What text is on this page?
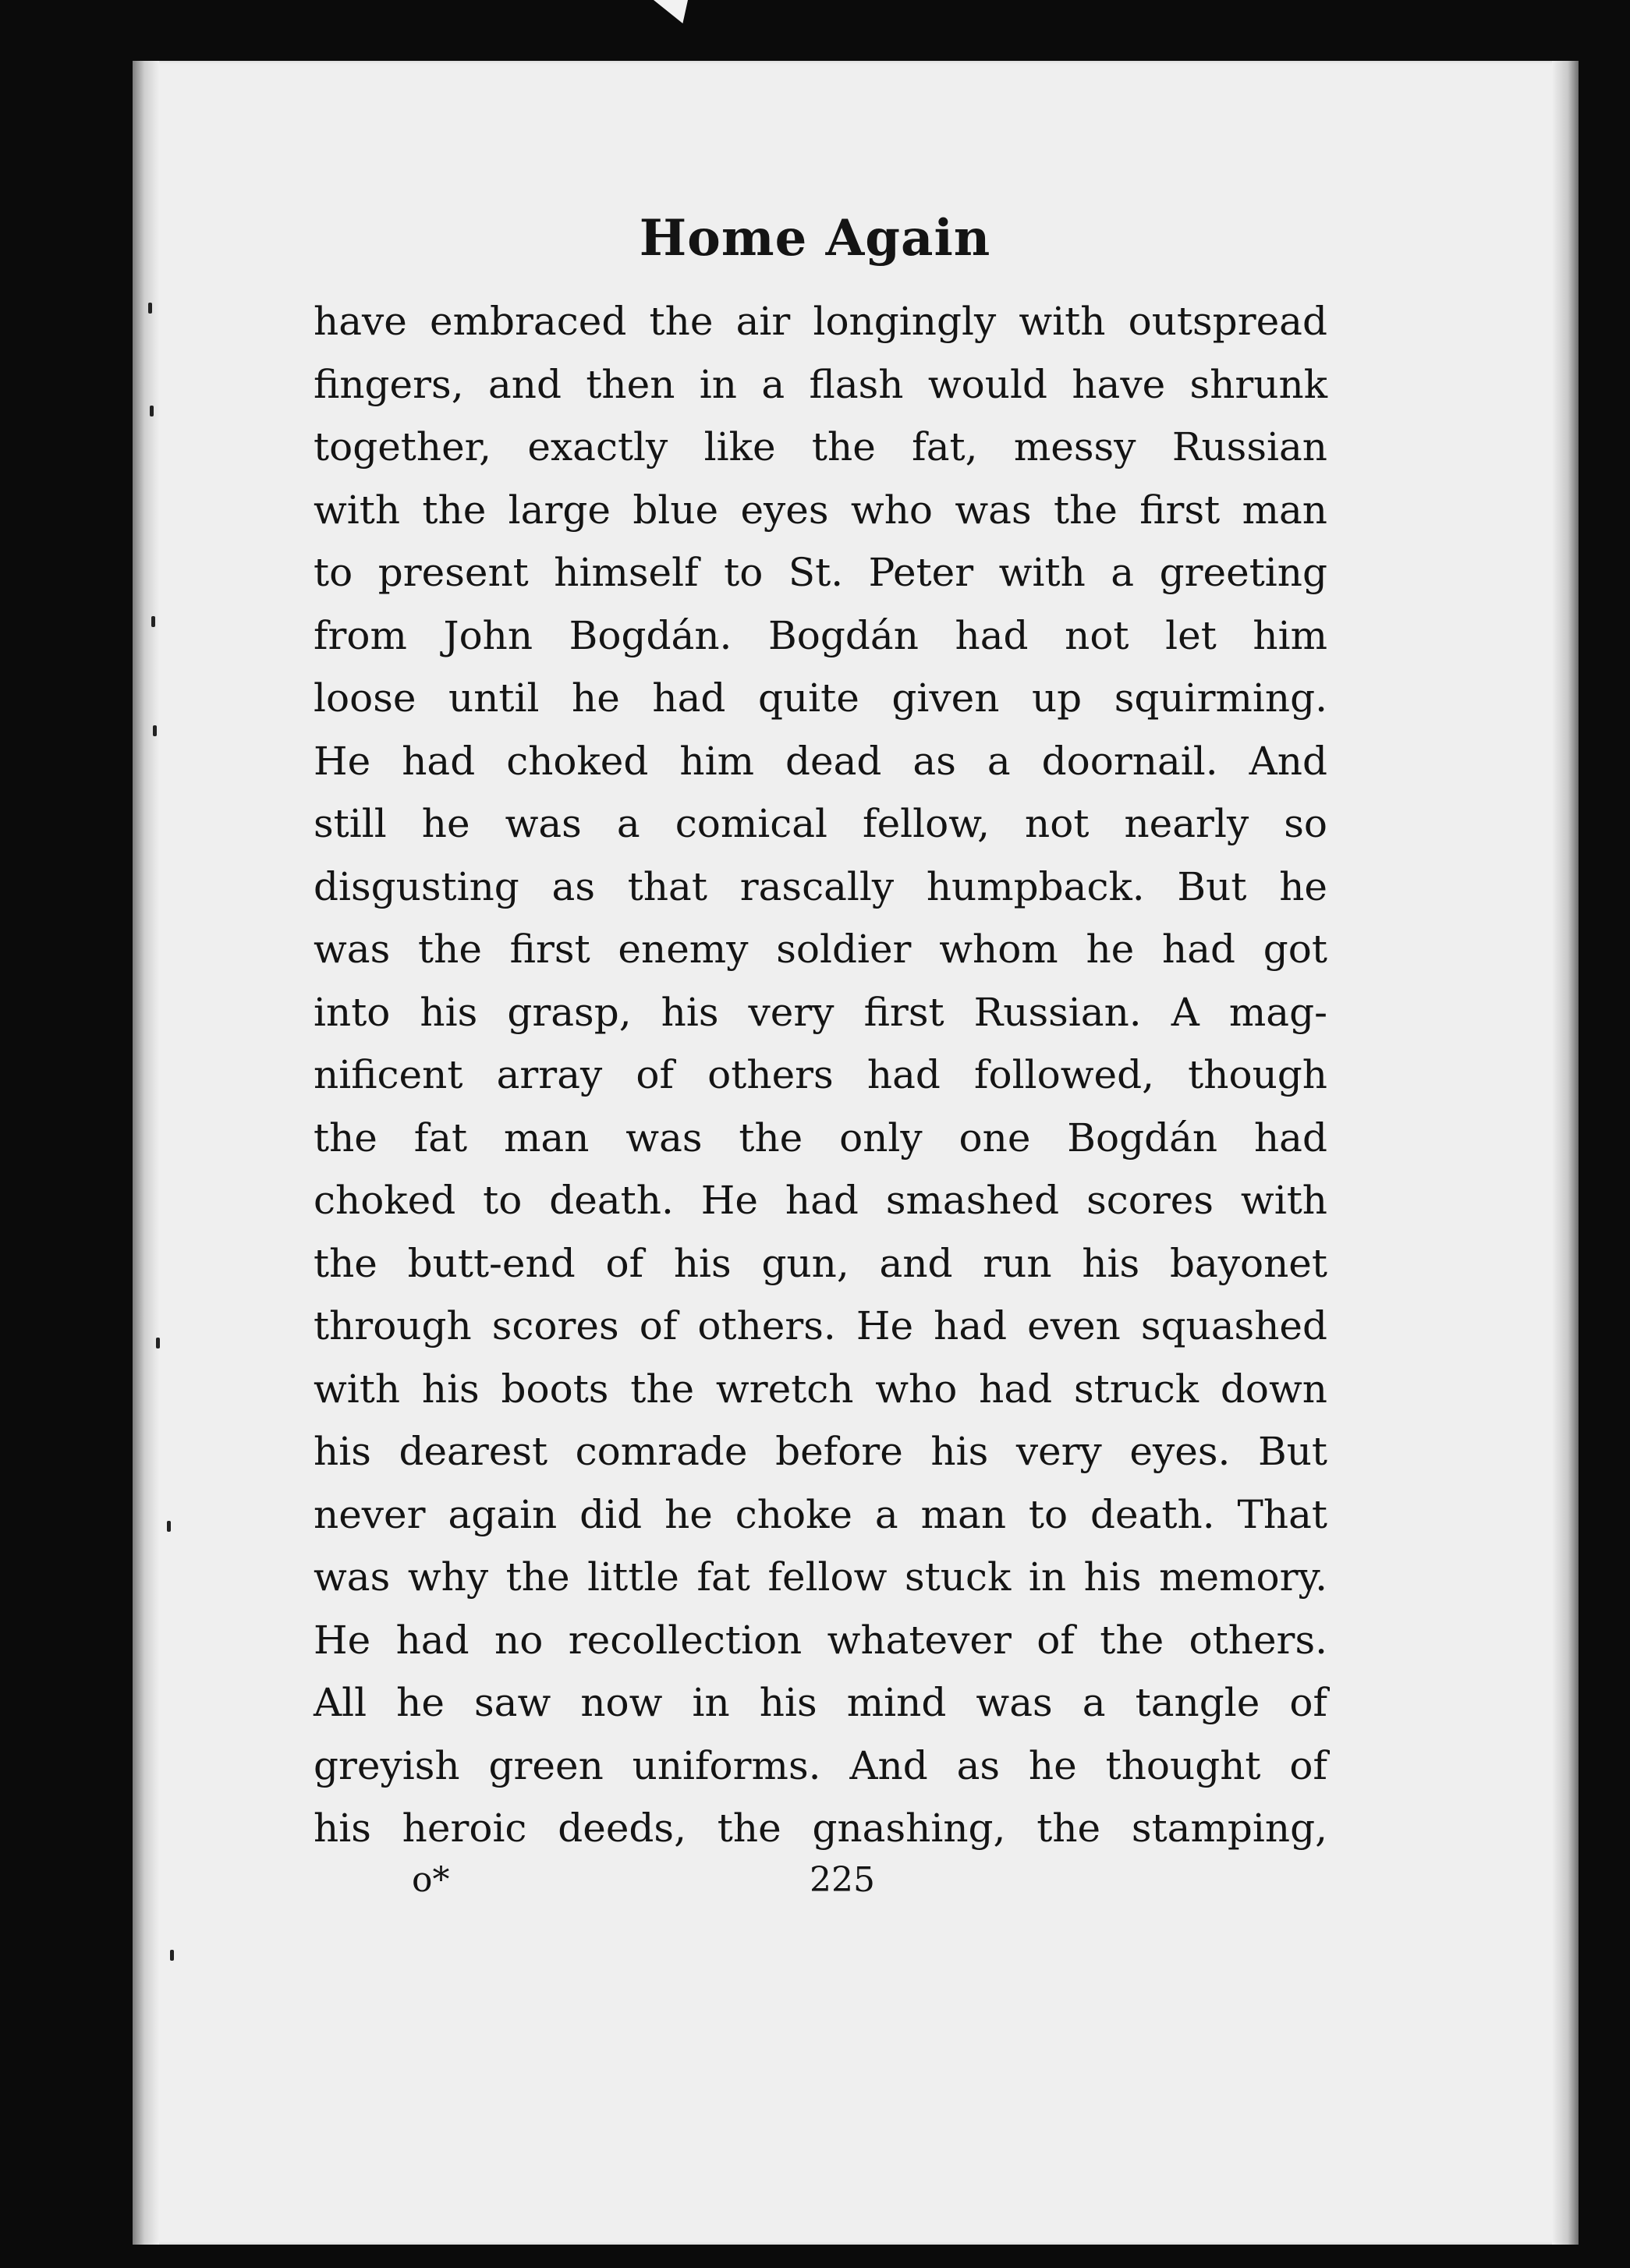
Home Again
have embraced the air longingly with outspread
fingers, and then in a flash would have shrunk
together, exactly like the fat, messy Russian
with the large blue eyes who was the first man
to present himself to St. Peter with a greeting
from John Bogdán. Bogdán had not let him
loose until he had quite given up squirming.
He had choked him dead as a doornail. And
still he was a comical fellow, not nearly so
disgusting as that rascally humpback. But he
was the first enemy soldier whom he had got
into his grasp, his very first Russian. A mag-
nificent array of others had followed, though
the fat man was the only one Bogdán had
choked to death. He had smashed scores with
the butt-end of his gun, and run his bayonet
through scores of others. He had even squashed
with his boots the wretch who had struck down
his dearest comrade before his very eyes. But
never again did he choke a man to death. That
was why the little fat fellow stuck in his memory.
He had no recollection whatever of the others.
All he saw now in his mind was a tangle of
greyish green uniforms. And as he thought of
his heroic deeds, the gnashing, the stamping,
o*	225
